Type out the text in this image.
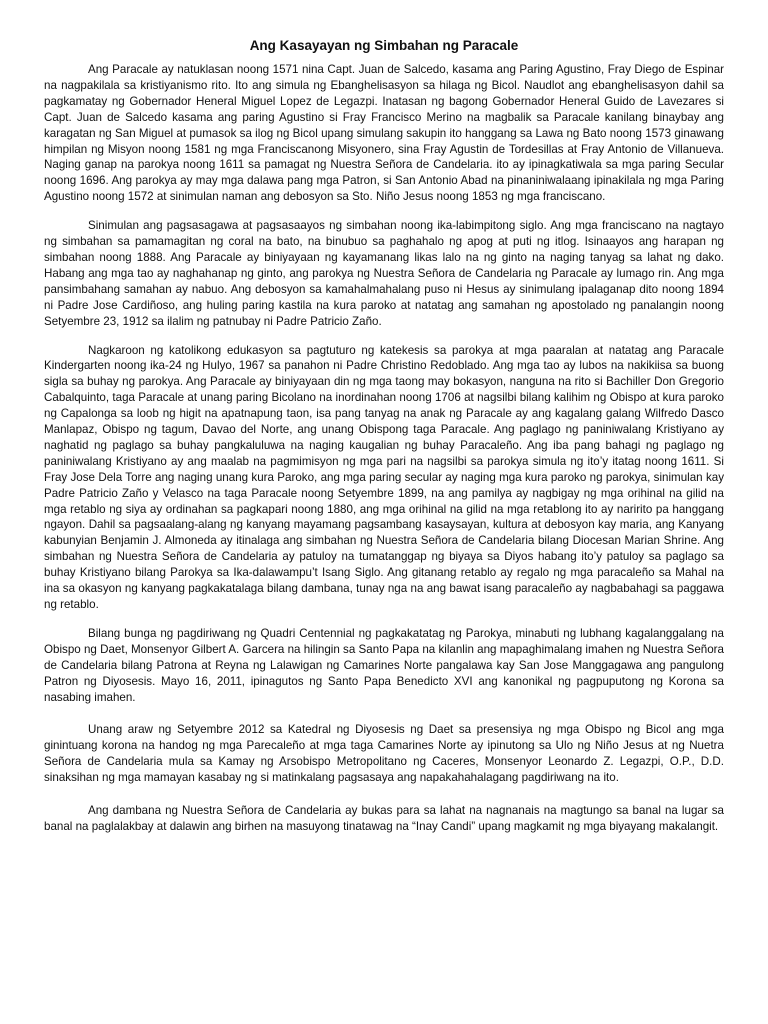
Ang Kasayayan ng Simbahan ng Paracale

Ang Paracale ay natuklasan noong 1571 nina Capt. Juan de Salcedo, kasama ang Paring Agustino, Fray Diego de Espinar na nagpakilala sa kristiyanismo rito. Ito ang simula ng Ebanghelisasyon sa hilaga ng Bicol. Naudlot ang ebanghelisasyon dahil sa pagkamatay ng Gobernador Heneral Miguel Lopez de Legazpi. Inatasan ng bagong Gobernador Heneral Guido de Lavezares si Capt. Juan de Salcedo kasama ang paring Agustino si Fray Francisco Merino na magbalik sa Paracale kanilang binaybay ang karagatan ng San Miguel at pumasok sa ilog ng Bicol upang simulang sakupin ito hanggang sa Lawa ng Bato noong 1573 ginawang himpilan ng Misyon noong 1581 ng mga Franciscanong Misyonero, sina Fray Agustin de Tordesillas at Fray Antonio de Villanueva. Naging ganap na parokya noong 1611 sa pamagat ng Nuestra Señora de Candelaria. ito ay ipinagkatiwala sa mga paring Secular noong 1696. Ang parokya ay may mga dalawa pang mga Patron, si San Antonio Abad na pinaniniwalaang ipinakilala ng mga Paring Agustino noong 1572 at sinimulan naman ang debosyon sa Sto. Niño Jesus noong 1853 ng mga franciscano.

Sinimulan ang pagsasagawa at pagsasaayos ng simbahan noong ika-labimpitong siglo. Ang mga franciscano na nagtayo ng simbahan sa pamamagitan ng coral na bato, na binubuo sa paghahalo ng apog at puti ng itlog. Isinaayos ang harapan ng simbahan noong 1888. Ang Paracale ay biniyayaan ng kayamanang likas lalo na ng ginto na naging tanyag sa lahat ng dako. Habang ang mga tao ay naghahanap ng ginto, ang parokya ng Nuestra Señora de Candelaria ng Paracale ay lumago rin. Ang mga pansimbahang samahan ay nabuo. Ang debosyon sa kamahalmahalang puso ni Hesus ay sinimulang ipalaganap dito noong 1894 ni Padre Jose Cardiñoso, ang huling paring kastila na kura paroko at natatag ang samahan ng apostolado ng panalangin noong Setyembre 23, 1912 sa ilalim ng patnubay ni Padre Patricio Zaño.

Nagkaroon ng katolikong edukasyon sa pagtuturo ng katekesis sa parokya at mga paaralan at natatag ang Paracale Kindergarten noong ika-24 ng Hulyo, 1967 sa panahon ni Padre Christino Redoblado. Ang mga tao ay lubos na nakikiisa sa buong sigla sa buhay ng parokya. Ang Paracale ay biniyayaan din ng mga taong may bokasyon, nanguna na rito si Bachiller Don Gregorio Cabalquinto, taga Paracale at unang paring Bicolano na inordinahan noong 1706 at nagsilbi bilang kalihim ng Obispo at kura paroko ng Capalonga sa loob ng higit na apatnapung taon, isa pang tanyag na anak ng Paracale ay ang kagalang galang Wilfredo Dasco Manlapaz, Obispo ng tagum, Davao del Norte, ang unang Obispong taga Paracale. Ang paglago ng paniniwalang Kristiyano ay naghatid ng paglago sa buhay pangkaluluwa na naging kaugalian ng buhay Paracaleño. Ang iba pang bahagi ng paglago ng paniniwalang Kristiyano ay ang maalab na pagmimisyon ng mga pari na nagsilbi sa parokya simula ng ito’y itatag noong 1611. Si Fray Jose Dela Torre ang naging unang kura Paroko, ang mga paring secular ay naging mga kura paroko ng parokya, sinimulan kay Padre Patricio Zaño y Velasco na taga Paracale noong Setyembre 1899, na ang pamilya ay nagbigay ng mga orihinal na gilid na mga retablo ng siya ay ordinahan sa pagkapari noong 1880, ang mga orihinal na gilid na mga retablong ito ay naririto pa hanggang ngayon. Dahil sa pagsaalang-alang ng kanyang mayamang pagsambang kasaysayan, kultura at debosyon kay maria, ang Kanyang kabunyian Benjamin J. Almoneda ay itinalaga ang simbahan ng Nuestra Señora de Candelaria bilang Diocesan Marian Shrine. Ang simbahan ng Nuestra Señora de Candelaria ay patuloy na tumatanggap ng biyaya sa Diyos habang ito’y patuloy sa paglago sa buhay Kristiyano bilang Parokya sa Ika-dalawampu’t Isang Siglo. Ang gitanang retablo ay regalo ng mga paracaleño sa Mahal na ina sa okasyon ng kanyang pagkakatalaga bilang dambana, tunay nga na ang bawat isang paracaleño ay nagbabahagi sa paggawa ng retablo.

Bilang bunga ng pagdiriwang ng Quadri Centennial ng pagkakatatag ng Parokya, minabuti ng lubhang kagalanggalang na Obispo ng Daet, Monsenyor Gilbert A. Garcera na hilingin sa Santo Papa na kilanlin ang mapaghimalang imahen ng Nuestra Señora de Candelaria bilang Patrona at Reyna ng Lalawigan ng Camarines Norte pangalawa kay San Jose Manggagawa ang pangulong Patron ng Diyosesis. Mayo 16, 2011, ipinagutos ng Santo Papa Benedicto XVI ang kanonikal ng pagpuputong ng Korona sa nasabing imahen.

Unang araw ng Setyembre 2012 sa Katedral ng Diyosesis ng Daet sa presensiya ng mga Obispo ng Bicol ang mga ginintuang korona na handog ng mga Parecaleño at mga taga Camarines Norte ay ipinutong sa Ulo ng Niño Jesus at ng Nuetra Señora de Candelaria mula sa Kamay ng Arsobispo Metropolitano ng Caceres, Monsenyor Leonardo Z. Legazpi, O.P., D.D. sinaksihan ng mga mamayan kasabay ng si matinkalang pagsasaya ang napakahahalagang pagdiriwang na ito.

Ang dambana ng Nuestra Señora de Candelaria ay bukas para sa lahat na nagnanais na magtungo sa banal na lugar sa banal na paglalakbay at dalawin ang birhen na masuyong tinatawag na “Inay Candi” upang magkamit ng mga biyayang makalangit.
